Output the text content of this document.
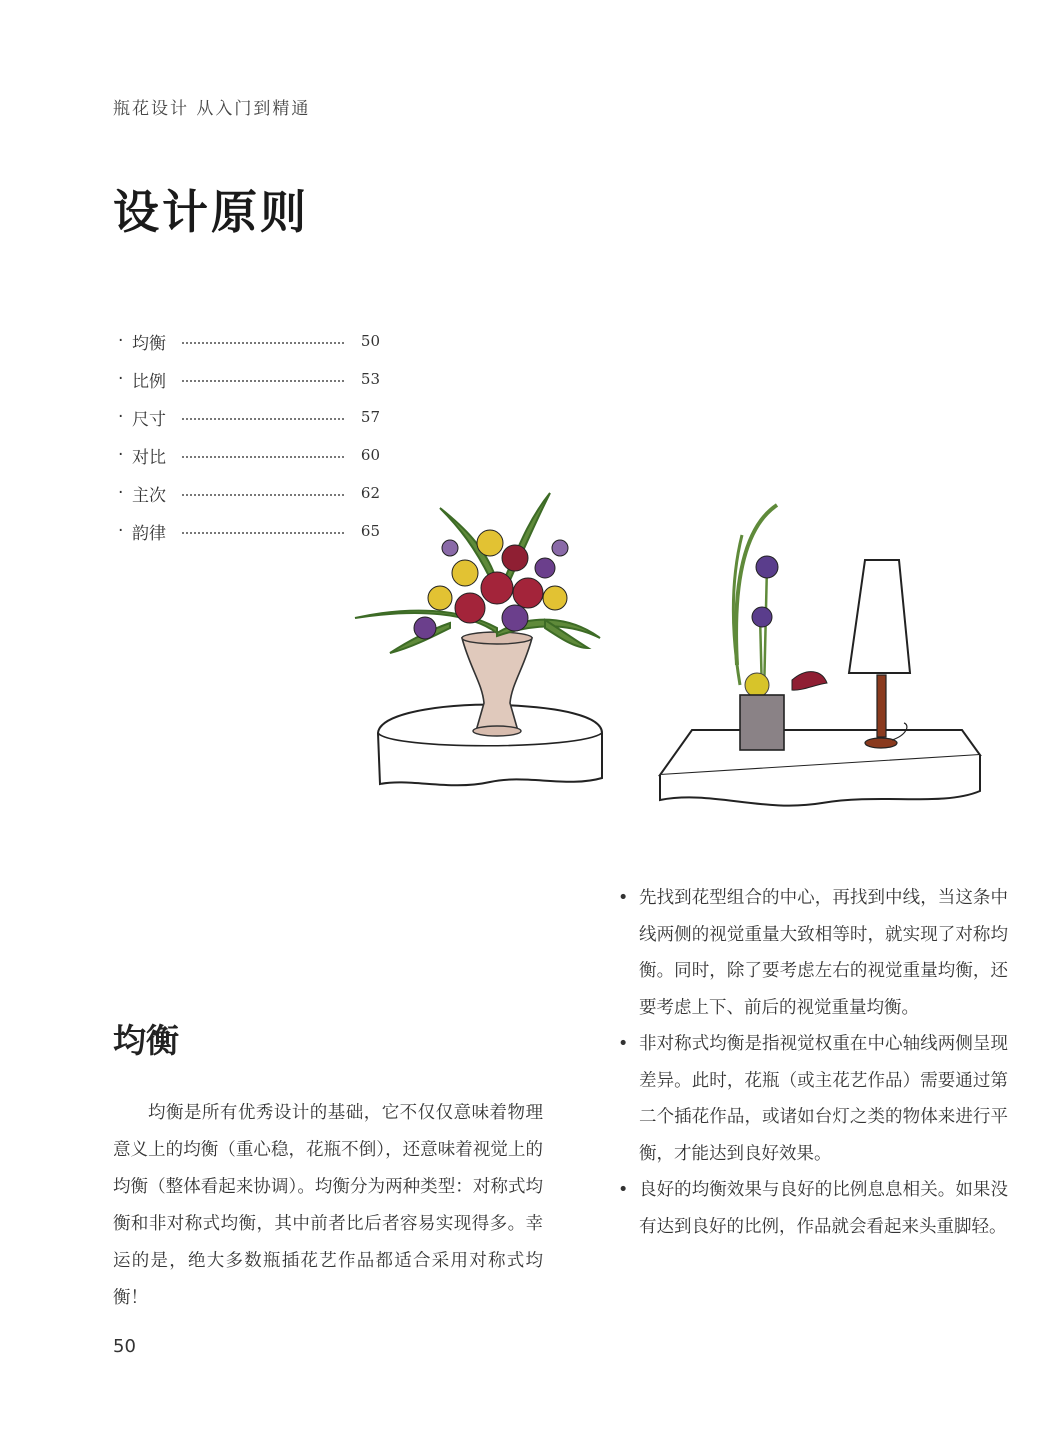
瓶花设计 从入门到精通
设计原则
· 均衡	50
· 比例	53
· 尺寸	57
· 对比	60
· 主次	62
· 韵律	65
均衡

均衡是所有优秀设计的基础，它不仅仅意味着物理意义上的均衡（重心稳，花瓶不倒），还意味着视觉上的均衡（整体看起来协调）。均衡分为两种类型：对称式均衡和非对称式均衡，其中前者比后者容易实现得多。幸运的是，绝大多数瓶插花艺作品都适合采用对称式均衡！

• 先找到花型组合的中心，再找到中线，当这条中线两侧的视觉重量大致相等时，就实现了对称均衡。同时，除了要考虑左右的视觉重量均衡，还要考虑上下、前后的视觉重量均衡。
• 非对称式均衡是指视觉权重在中心轴线两侧呈现差异。此时，花瓶（或主花艺作品）需要通过第二个插花作品，或诸如台灯之类的物体来进行平衡，才能达到良好效果。
• 良好的均衡效果与良好的比例息息相关。如果没有达到良好的比例，作品就会看起来头重脚轻。
50
